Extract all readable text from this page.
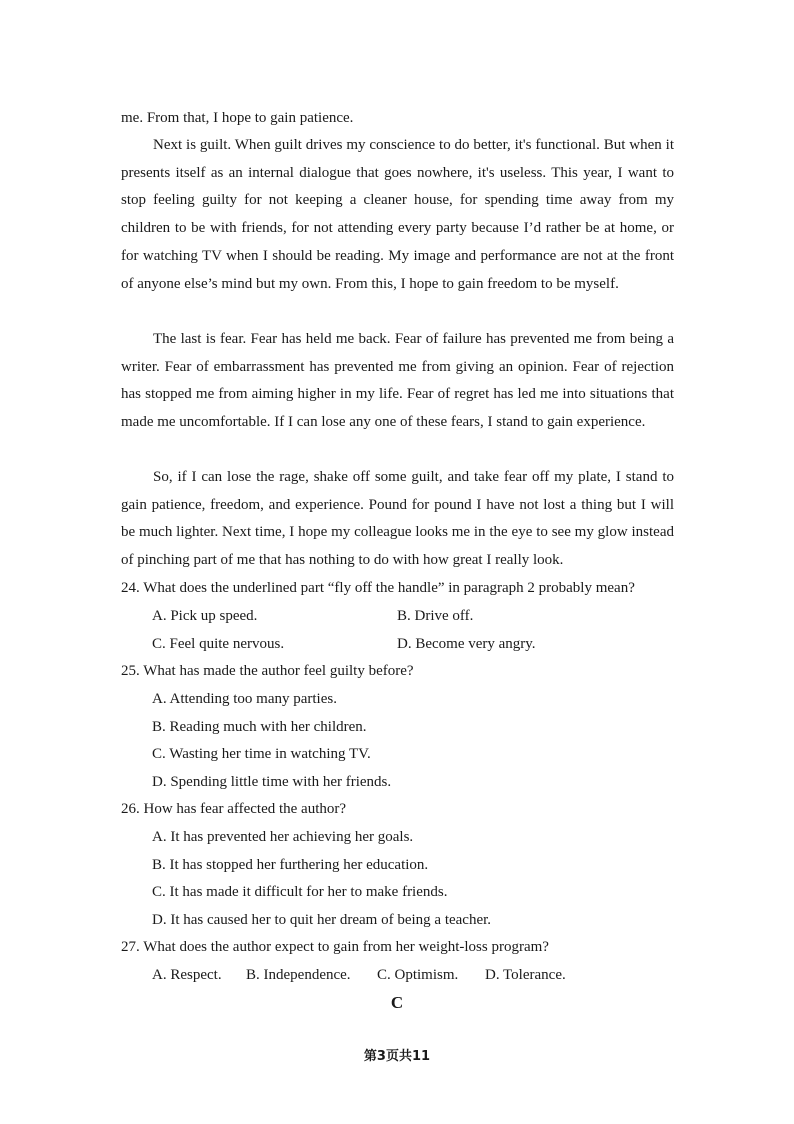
me. From that, I hope to gain patience.
Next is guilt. When guilt drives my conscience to do better, it's functional. But when it presents itself as an internal dialogue that goes nowhere, it's useless. This year, I want to stop feeling guilty for not keeping a cleaner house, for spending time away from my children to be with friends, for not attending every party because I’d rather be at home, or for watching TV when I should be reading. My image and performance are not at the front of anyone else’s mind but my own. From this, I hope to gain freedom to be myself.
The last is fear. Fear has held me back. Fear of failure has prevented me from being a writer. Fear of embarrassment has prevented me from giving an opinion. Fear of rejection has stopped me from aiming higher in my life. Fear of regret has led me into situations that made me uncomfortable. If I can lose any one of these fears, I stand to gain experience.
So, if I can lose the rage, shake off some guilt, and take fear off my plate, I stand to gain patience, freedom, and experience. Pound for pound I have not lost a thing but I will be much lighter. Next time, I hope my colleague looks me in the eye to see my glow instead of pinching part of me that has nothing to do with how great I really look.
24. What does the underlined part “fly off the handle” in paragraph 2 probably mean?
A. Pick up speed.	B. Drive off.
C. Feel quite nervous.	D. Become very angry.
25. What has made the author feel guilty before?
A. Attending too many parties.
B. Reading much with her children.
C. Wasting her time in watching TV.
D. Spending little time with her friends.
26. How has fear affected the author?
A. It has prevented her achieving her goals.
B. It has stopped her furthering her education.
C. It has made it difficult for her to make friends.
D. It has caused her to quit her dream of being a teacher.
27. What does the author expect to gain from her weight-loss program?
A. Respect. B. Independence. C. Optimism. D. Tolerance.
C
第3页共11
